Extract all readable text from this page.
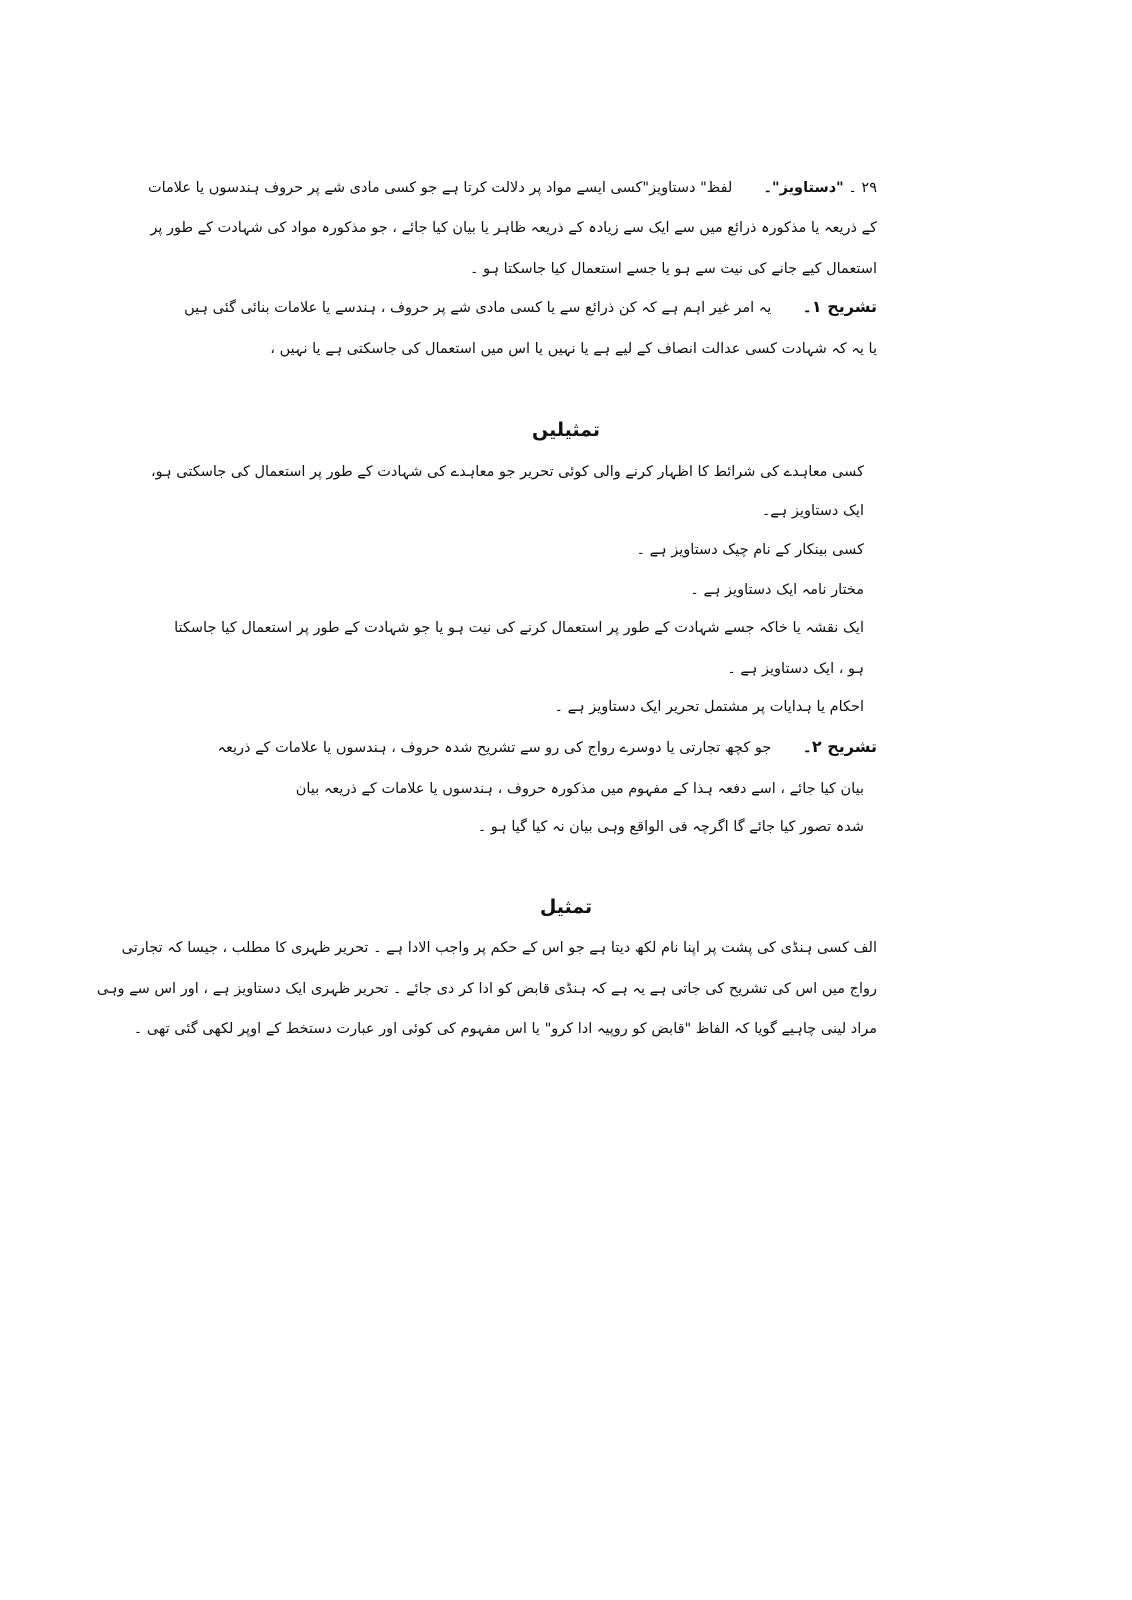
۲۹ ۔ "دستاویز"۔  لفظ" دستاویز"کسی ایسے مواد پر دلالت کرتا ہے جو کسی مادی شے پر حروف ہندسوں یا علامات
کے ذریعہ یا مذکورہ ذرائع میں سے ایک سے زیادہ کے ذریعہ ظاہر یا بیان کیا جائے ، جو مذکورہ مواد کی شہادت کے طور پر
استعمال کیے جانے کی نیت سے ہو یا جسے استعمال کیا جاسکتا ہو ۔
تشریح ۱۔  یہ امر غیر اہم ہے کہ کن ذرائع سے یا کسی مادی شے پر حروف ، ہندسے یا علامات بنائی گئی ہیں
یا یہ کہ شہادت کسی عدالت انصاف کے لیے ہے یا نہیں یا اس میں استعمال کی جاسکتی ہے یا نہیں ،
تمثیلیں
کسی معاہدے کی شرائط کا اظہار کرنے والی کوئی تحریر جو معاہدے کی شہادت کے طور پر استعمال کی جاسکتی ہو،
ایک دستاویز ہے۔
کسی بینکار کے نام چیک دستاویز ہے ۔
مختار نامہ ایک دستاویز ہے ۔
ایک نقشہ یا خاکہ جسے شہادت کے طور پر استعمال کرنے کی نیت ہو یا جو شہادت کے طور پر استعمال کیا جاسکتا
ہو ، ایک دستاویز ہے ۔
احکام یا ہدایات پر مشتمل تحریر ایک دستاویز ہے ۔
تشریح ۲۔  جو کچھ تجارتی یا دوسرے رواج کی رو سے تشریح شدہ حروف ، ہندسوں یا علامات کے ذریعہ
بیان کیا جائے ، اسے دفعہ ہذا کے مفہوم میں مذکورہ حروف ، ہندسوں یا علامات کے ذریعہ بیان
شدہ تصور کیا جائے گا اگرچہ فی الواقع وہی بیان نہ کیا گیا ہو ۔
تمثیل
الف کسی ہنڈی کی پشت پر اپنا نام لکھ دیتا ہے جو اس کے حکم پر واجب الادا ہے ۔ تحریر ظہری کا مطلب ، جیسا کہ تجارتی
رواج میں اس کی تشریح کی جاتی ہے یہ ہے کہ ہنڈی قابض کو ادا کر دی جائے ۔ تحریر ظہری ایک دستاویز ہے ، اور اس سے وہی
مراد لینی چاہیے گویا کہ الفاظ "قابض کو روپیہ ادا کرو" یا اس مفہوم کی کوئی اور عبارت دستخط کے اوپر لکھی گئی تھی ۔
